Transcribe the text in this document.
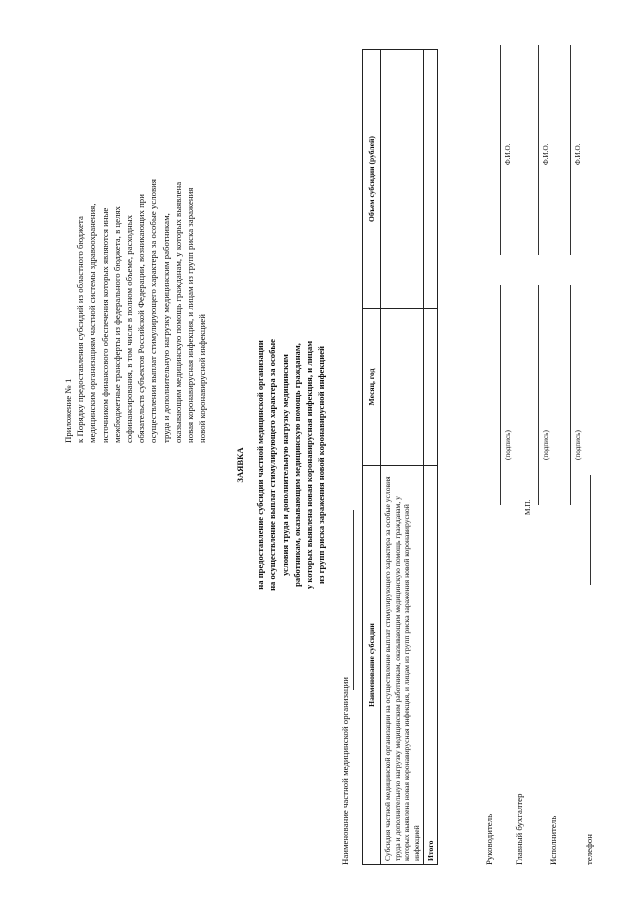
Приложение № 1 к Порядку предоставления субсидий из областного бюджета медицинским организациям частной системы здравоохранения, источником финансового обеспечения которых являются иные межбюджетные трансферты из федерального бюджета, в целях софинансирования, в том числе в полном объеме, расходных обязательств субъектов Российской Федерации, возникающих при осуществлении выплат стимулирующего характера за особые условия труда и дополнительную нагрузку медицинским работникам, оказывающим медицинскую помощь гражданам, у которых выявлена новая коронавирусная инфекция, и лицам из групп риска заражения новой коронавирусной инфекцией
ЗАЯВКА на предоставление субсидии частной медицинской организации на осуществление выплат стимулирующего характера за особые условия труда и дополнительную нагрузку медицинским работникам, оказывающим медицинскую помощь гражданам, у которых выявлена новая коронавирусная инфекция, и лицам из групп риска заражения новой коронавирусной инфекцией
Наименование частной медицинской организации
Наименование субсидии	Месяц, год	Объем субсидии (рублей)
Субсидия частной медицинской организации на осуществление выплат стимулирующего характера за особые условия труда и дополнительную нагрузку медицинским работникам, оказывающим медицинскую помощь гражданам, у которых выявлена новая коронавирусная инфекция, и лицам из групп риска заражения новой коронавирусной инфекцией		
Итого			Руководитель
(подпись)
Ф.И.О.
М.П.
Главный бухгалтер
(подпись)
Ф.И.О.
Исполнитель
(подпись)
Ф.И.О.
телефон
